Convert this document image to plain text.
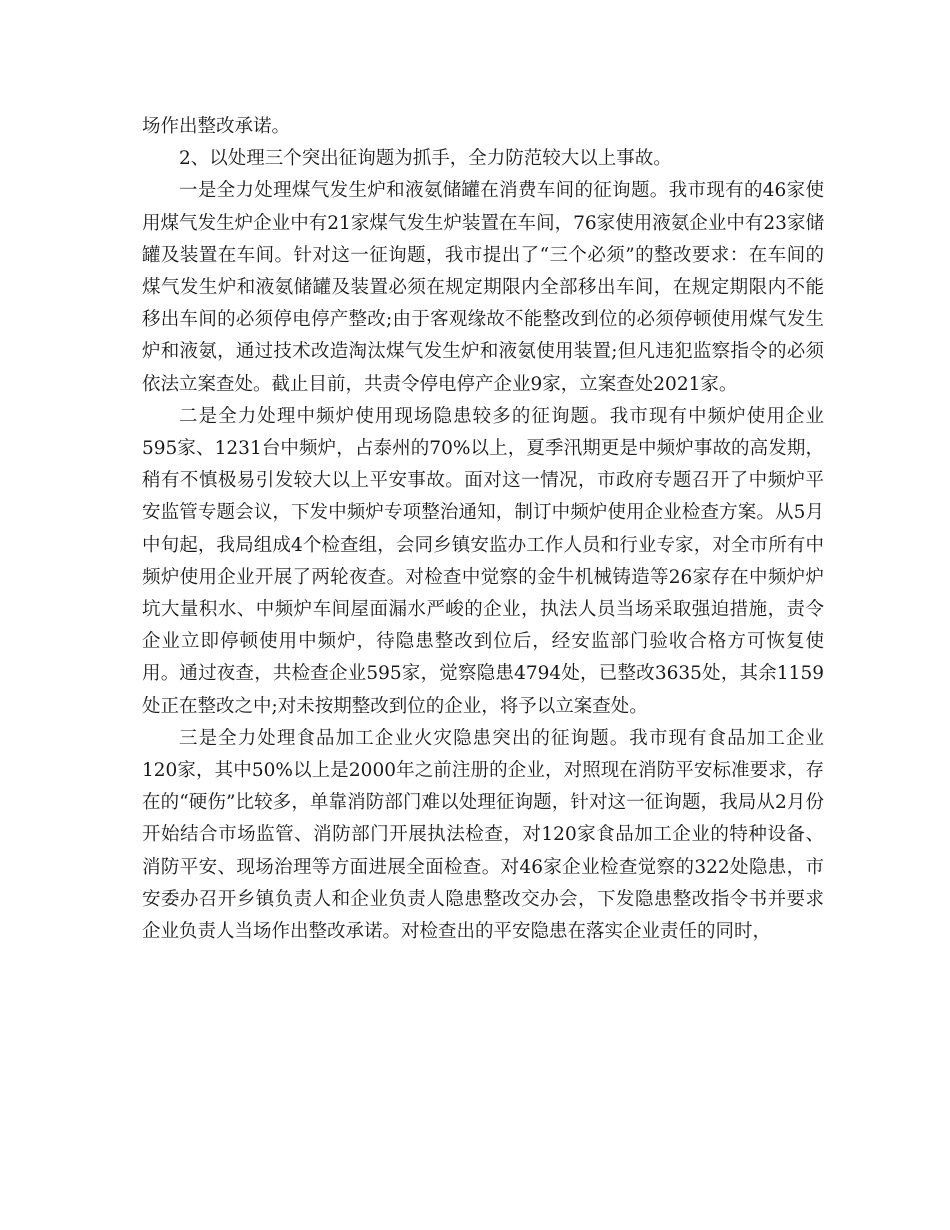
场作出整改承诺。

2、以处理三个突出征询题为抓手，全力防范较大以上事故。

一是全力处理煤气发生炉和液氨储罐在消费车间的征询题。我市现有的46家使用煤气发生炉企业中有21家煤气发生炉装置在车间，76家使用液氨企业中有23家储罐及装置在车间。针对这一征询题，我市提出了“三个必须”的整改要求：在车间的煤气发生炉和液氨储罐及装置必须在规定期限内全部移出车间，在规定期限内不能移出车间的必须停电停产整改;由于客观缘故不能整改到位的必须停顿使用煤气发生炉和液氨，通过技术改造淘汰煤气发生炉和液氨使用装置;但凡违犯监察指令的必须依法立案查处。截止目前，共责令停电停产企业9家，立案查处2021家。

二是全力处理中频炉使用现场隐患较多的征询题。我市现有中频炉使用企业595家、1231台中频炉，占泰州的70%以上，夏季汛期更是中频炉事故的高发期，稍有不慎极易引发较大以上平安事故。面对这一情况，市政府专题召开了中频炉平安监管专题会议，下发中频炉专项整治通知，制订中频炉使用企业检查方案。从5月中旬起，我局组成4个检查组，会同乡镇安监办工作人员和行业专家，对全市所有中频炉使用企业开展了两轮夜查。对检查中觉察的金牛机械铸造等26家存在中频炉炉坑大量积水、中频炉车间屋面漏水严峻的企业，执法人员当场采取强迫措施，责令企业立即停顿使用中频炉，待隐患整改到位后，经安监部门验收合格方可恢复使用。通过夜查，共检查企业595家，觉察隐患4794处，已整改3635处，其余1159处正在整改之中;对未按期整改到位的企业，将予以立案查处。

三是全力处理食品加工企业火灾隐患突出的征询题。我市现有食品加工企业120家，其中50%以上是2000年之前注册的企业，对照现在消防平安标准要求，存在的“硬伤”比较多，单靠消防部门难以处理征询题，针对这一征询题，我局从2月份开始结合市场监管、消防部门开展执法检查，对120家食品加工企业的特种设备、消防平安、现场治理等方面进展全面检查。对46家企业检查觉察的322处隐患，市安委办召开乡镇负责人和企业负责人隐患整改交办会，下发隐患整改指令书并要求企业负责人当场作出整改承诺。对检查出的平安隐患在落实企业责任的同时，
